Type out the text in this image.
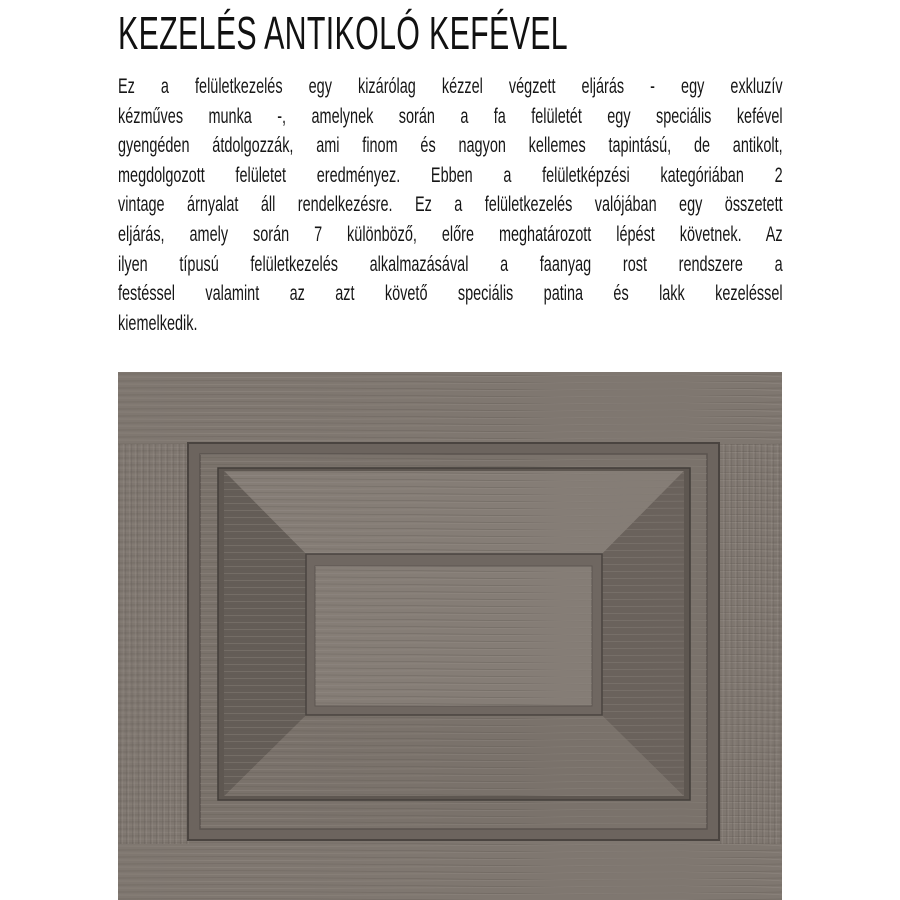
KEZELÉS ANTIKOLÓ KEFÉVEL
Ez a felületkezelés egy kizárólag kézzel végzett eljárás - egy exkluzív
kézműves munka -, amelynek során a fa felületét egy speciális kefével
gyengéden átdolgozzák, ami finom és nagyon kellemes tapintású, de antikolt,
megdolgozott felületet eredményez. Ebben a felületképzési kategóriában 2
vintage árnyalat áll rendelkezésre. Ez a felületkezelés valójában egy összetett
eljárás, amely során 7 különböző, előre meghatározott lépést követnek. Az
ilyen típusú felületkezelés alkalmazásával a faanyag rost rendszere a
festéssel valamint az azt követő speciális patina és lakk kezeléssel
kiemelkedik.
